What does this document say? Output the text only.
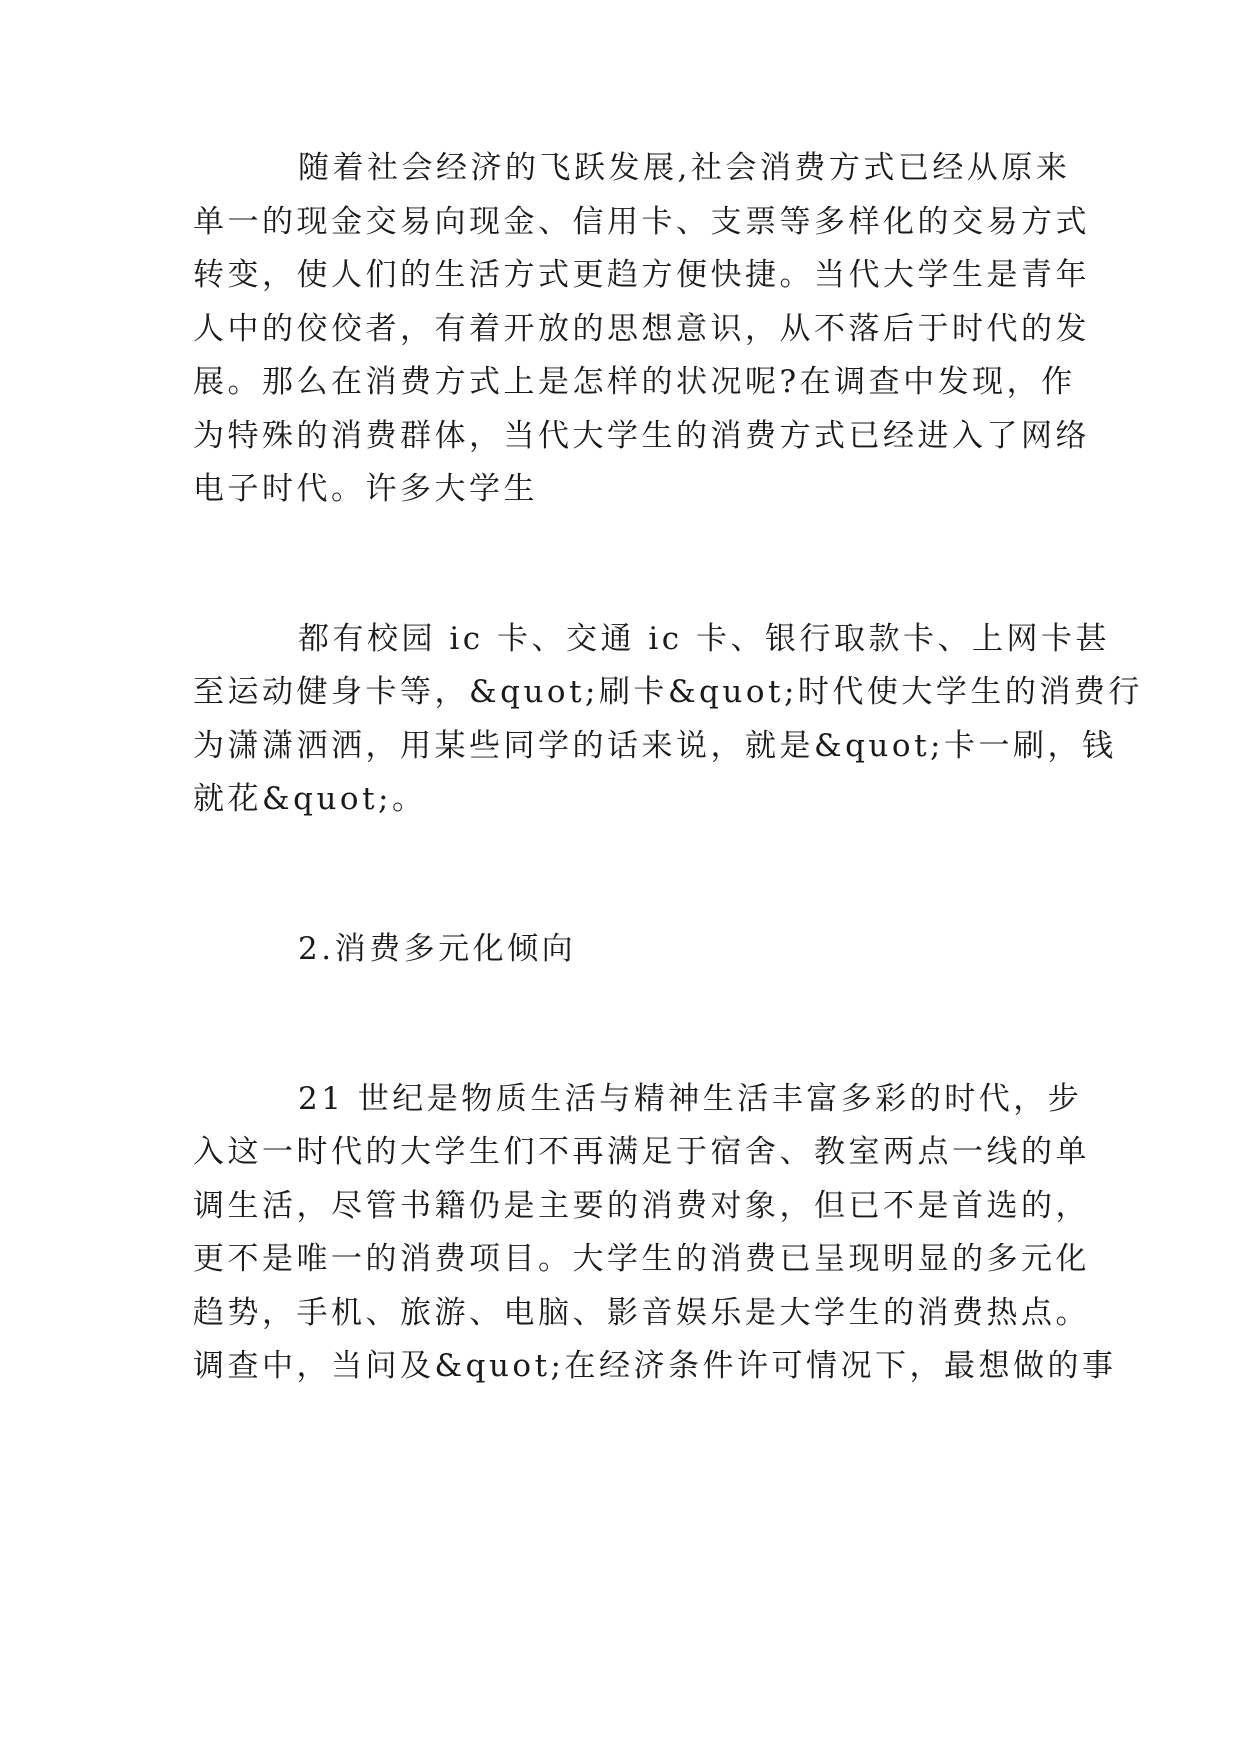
随着社会经济的飞跃发展,社会消费方式已经从原来
单一的现金交易向现金、信用卡、支票等多样化的交易方式
转变，使人们的生活方式更趋方便快捷。当代大学生是青年
人中的佼佼者，有着开放的思想意识，从不落后于时代的发
展。那么在消费方式上是怎样的状况呢?在调查中发现，作
为特殊的消费群体，当代大学生的消费方式已经进入了网络
电子时代。许多大学生
都有校园 ic 卡、交通 ic 卡、银行取款卡、上网卡甚
至运动健身卡等，&quot;刷卡&quot;时代使大学生的消费行
为潇潇洒洒，用某些同学的话来说，就是&quot;卡一刷，钱
就花&quot;。
2.消费多元化倾向
21 世纪是物质生活与精神生活丰富多彩的时代，步
入这一时代的大学生们不再满足于宿舍、教室两点一线的单
调生活，尽管书籍仍是主要的消费对象，但已不是首选的，
更不是唯一的消费项目。大学生的消费已呈现明显的多元化
趋势，手机、旅游、电脑、影音娱乐是大学生的消费热点。
调查中，当问及&quot;在经济条件许可情况下，最想做的事
